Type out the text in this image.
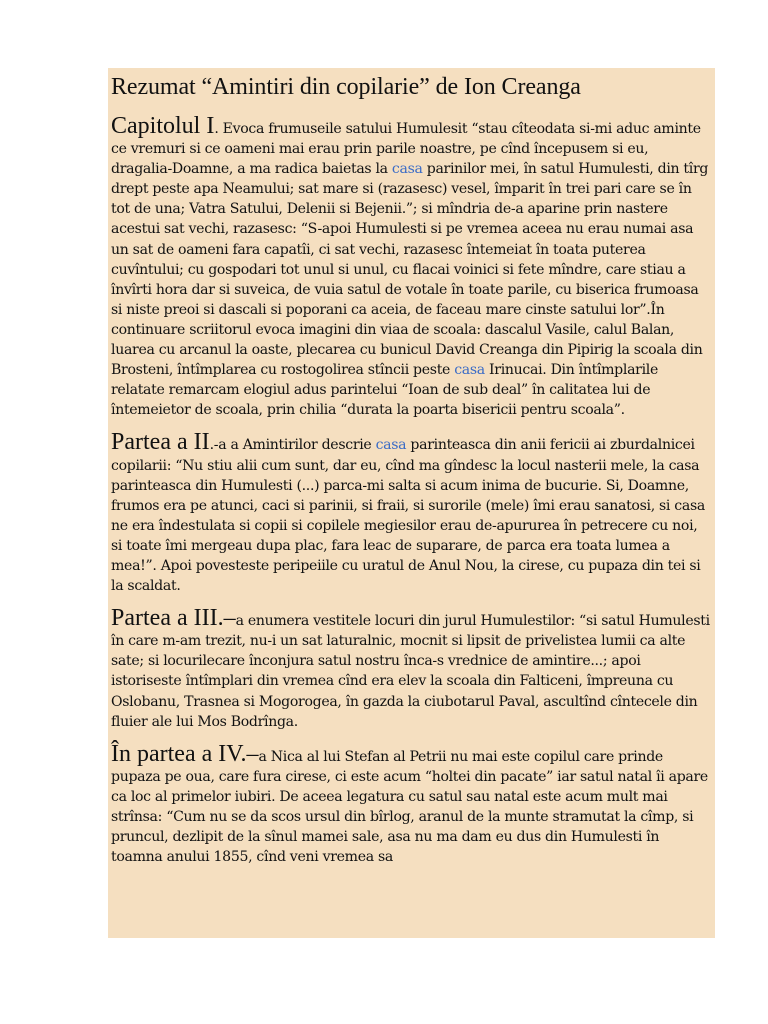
Rezumat “Amintiri din copilarie” de Ion Creanga

Capitolul I. Evoca frumuseile satului Humulesit “stau cîteodata si-mi aduc aminte ce vremuri si ce oameni mai erau prin parile noastre, pe cînd începusem si eu, dragalia-Doamne, a ma radica baietas la casa parinilor mei, în satul Humulesti, din tîrg drept peste apa Neamului; sat mare si (razasesc) vesel, împarit în trei pari care se în tot de una; Vatra Satului, Delenii si Bejenii.”; si mîndria de-a aparine prin nastere acestui sat vechi, razasesc: “S-apoi Humulesti si pe vremea aceea nu erau numai asa un sat de oameni fara capatîi, ci sat vechi, razasesc întemeiat în toata puterea cuvîntului; cu gospodari tot unul si unul, cu flacai voinici si fete mîndre, care stiau a învîrti hora dar si suveica, de vuia satul de votale în toate parile, cu biserica frumoasa si niste preoi si dascali si poporani ca aceia, de faceau mare cinste satului lor”.În continuare scriitorul evoca imagini din viaa de scoala: dascalul Vasile, calul Balan, luarea cu arcanul la oaste, plecarea cu bunicul David Creanga din Pipirig la scoala din Brosteni, întîmplarea cu rostogolirea stîncii peste casa Irinucai. Din întîmplarile relatate remarcam elogiul adus parintelui “Ioan de sub deal” în calitatea lui de întemeietor de scoala, prin chilia “durata la poarta bisericii pentru scoala”.

Partea a II.-a a Amintirilor descrie casa parinteasca din anii fericii ai zburdalnicei copilarii: “Nu stiu alii cum sunt, dar eu, cînd ma gîndesc la locul nasterii mele, la casa parinteasca din Humulesti (...) parca-mi salta si acum inima de bucurie. Si, Doamne, frumos era pe atunci, caci si parinii, si fraii, si surorile (mele) îmi erau sanatosi, si casa ne era îndestulata si copii si copilele megiesilor erau de-apururea în petrecere cu noi, si toate îmi mergeau dupa plac, fara leac de suparare, de parca era toata lumea a mea!”. Apoi povesteste peripeiile cu uratul de Anul Nou, la cirese, cu pupaza din tei si la scaldat.

Partea a III.–a enumera vestitele locuri din jurul Humulestilor: “si satul Humulesti în care m-am trezit, nu-i un sat laturalnic, mocnit si lipsit de privelistea lumii ca alte sate; si locurilecare înconjura satul nostru înca-s vrednice de amintire...; apoi istoriseste întîmplari din vremea cînd era elev la scoala din Falticeni, împreuna cu Oslobanu, Trasnea si Mogorogea, în gazda la ciubotarul Paval, ascultînd cîntecele din fluier ale lui Mos Bodrînga.

În partea a IV.–a Nica al lui Stefan al Petrii nu mai este copilul care prinde pupaza pe oua, care fura cirese, ci este acum “holtei din pacate” iar satul natal îi apare ca loc al primelor iubiri. De aceea legatura cu satul sau natal este acum mult mai strînsa: “Cum nu se da scos ursul din bîrlog, aranul de la munte stramutat la cîmp, si pruncul, dezlipit de la sînul mamei sale, asa nu ma dam eu dus din Humulesti în toamna anului 1855, cînd veni vremea sa
